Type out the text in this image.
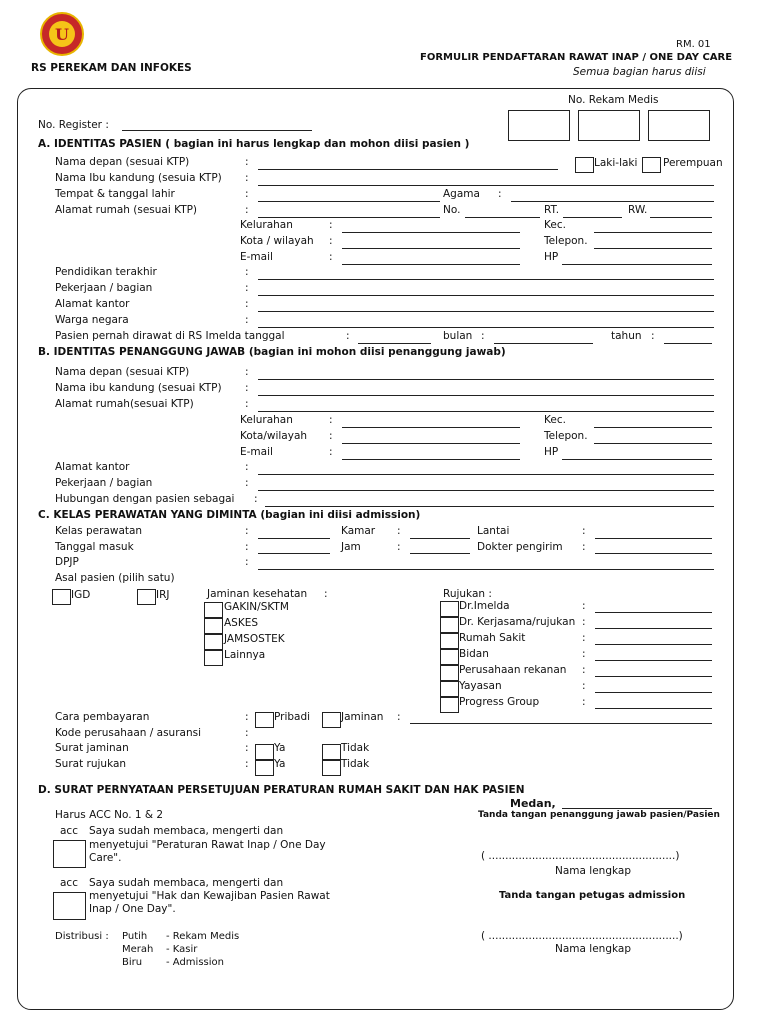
U
RS PEREKAM DAN INFOKES
RM. 01
FORMULIR PENDAFTARAN RAWAT INAP / ONE DAY CARE
Semua bagian harus diisi
No. Rekam Medis
No. Register :
A. IDENTITAS PASIEN ( bagian ini harus lengkap dan mohon diisi pasien )
Nama depan (sesuai KTP)	:	Laki-laki Perempuan
Nama Ibu kandung (sesuia KTP) :
Tempat & tanggal lahir	:	Agama :
Alamat rumah (sesuai KTP)	:	No.	RT.	RW.
Kelurahan	:	Kec.
Kota / wilayah :	Telepon.
E-mail	:	HP
Pendidikan terakhir	:
Pekerjaan / bagian	:
Alamat kantor	:
Warga negara	:
Pasien pernah dirawat di RS Imelda tanggal	:	bulan :	tahun :
B. IDENTITAS PENANGGUNG JAWAB (bagian ini mohon diisi penanggung jawab)
Nama depan (sesuai KTP)	:
Nama ibu kandung (sesuai KTP) :
Alamat rumah(sesuai KTP)	:
Kelurahan	:	Kec.
Kota/wilayah :	Telepon.
E-mail	:	HP
Alamat kantor	:
Pekerjaan / bagian	:
Hubungan dengan pasien sebagai :
C. KELAS PERAWATAN YANG DIMINTA (bagian ini diisi admission)
Kelas perawatan	:	Kamar :	Lantai	:
Tanggal masuk	:	Jam	:	Dokter pengirim :
DPJP	:
Asal pasien (pilih satu)
IGD	IRJ	Jaminan kesehatan :
GAKIN/SKTM
ASKES
JAMSOSTEK
Lainnya
Rujukan :
Dr.Imelda	:
Dr. Kerjasama/rujukan :
Rumah Sakit	:
Bidan	:
Perusahaan rekanan :
Yayasan	:
Progress Group	:
Cara pembayaran	: Pribadi	Jaminan :
Kode perusahaan / asuransi	:
Surat jaminan	: Ya	Tidak
Surat rujukan	: Ya	Tidak
D. SURAT PERNYATAAN PERSETUJUAN PERATURAN RUMAH SAKIT DAN HAK PASIEN
Harus ACC No. 1 & 2
acc Saya sudah membaca, mengerti dan
menyetujui "Peraturan Rawat Inap / One Day
Care".
acc Saya sudah membaca, mengerti dan
menyetujui "Hak dan Kewajiban Pasien Rawat
Inap / One Day".
Medan,
Tanda tangan penanggung jawab pasien/Pasien
( ........................................................)
Nama lengkap
Tanda tangan petugas admission
( .........................................................)
Nama lengkap
Distribusi : Putih - Rekam Medis
Merah - Kasir
Biru - Admission
